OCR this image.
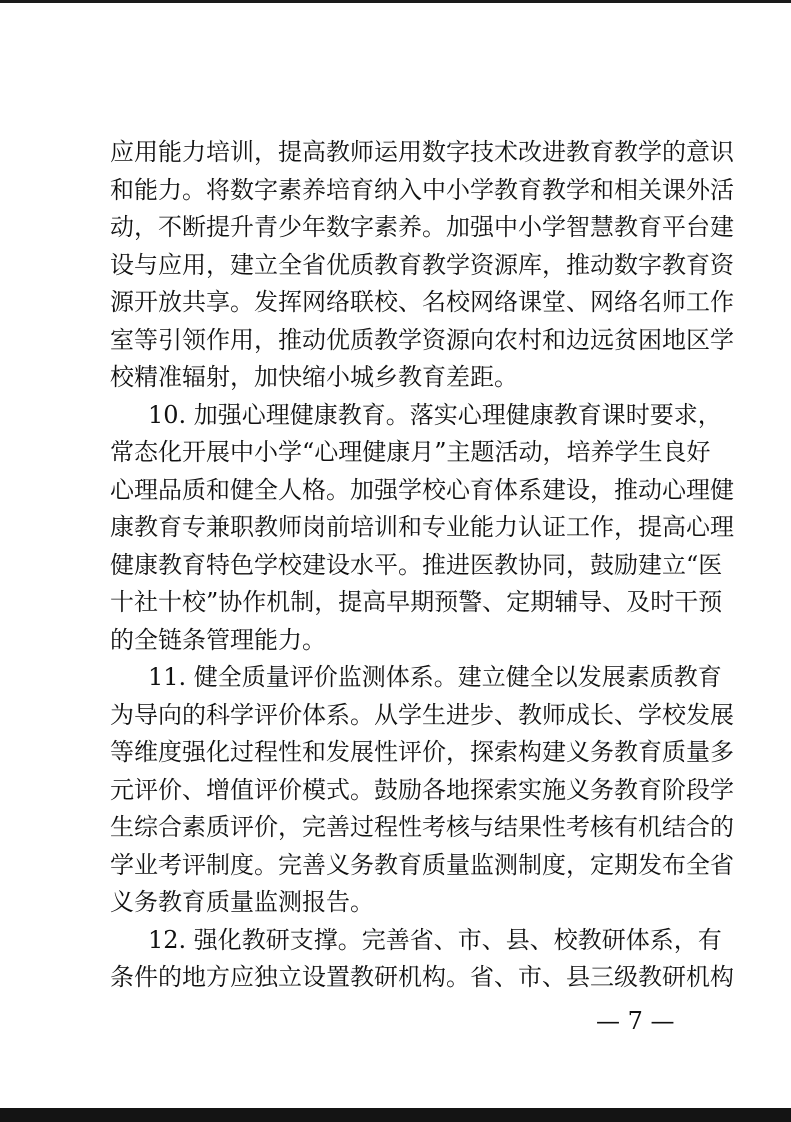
应用能力培训，提高教师运用数字技术改进教育教学的意识
和能力。将数字素养培育纳入中小学教育教学和相关课外活
动，不断提升青少年数字素养。加强中小学智慧教育平台建
设与应用，建立全省优质教育教学资源库，推动数字教育资
源开放共享。发挥网络联校、名校网络课堂、网络名师工作
室等引领作用，推动优质教学资源向农村和边远贫困地区学
校精准辐射，加快缩小城乡教育差距。
10. 加强心理健康教育。落实心理健康教育课时要求，
常态化开展中小学“心理健康月”主题活动，培养学生良好
心理品质和健全人格。加强学校心育体系建设，推动心理健
康教育专兼职教师岗前培训和专业能力认证工作，提高心理
健康教育特色学校建设水平。推进医教协同，鼓励建立“医
十社十校”协作机制，提高早期预警、定期辅导、及时干预
的全链条管理能力。
11. 健全质量评价监测体系。建立健全以发展素质教育
为导向的科学评价体系。从学生进步、教师成长、学校发展
等维度强化过程性和发展性评价，探索构建义务教育质量多
元评价、增值评价模式。鼓励各地探索实施义务教育阶段学
生综合素质评价，完善过程性考核与结果性考核有机结合的
学业考评制度。完善义务教育质量监测制度，定期发布全省
义务教育质量监测报告。
12. 强化教研支撑。完善省、市、县、校教研体系，有
条件的地方应独立设置教研机构。省、市、县三级教研机构
— 7 —
